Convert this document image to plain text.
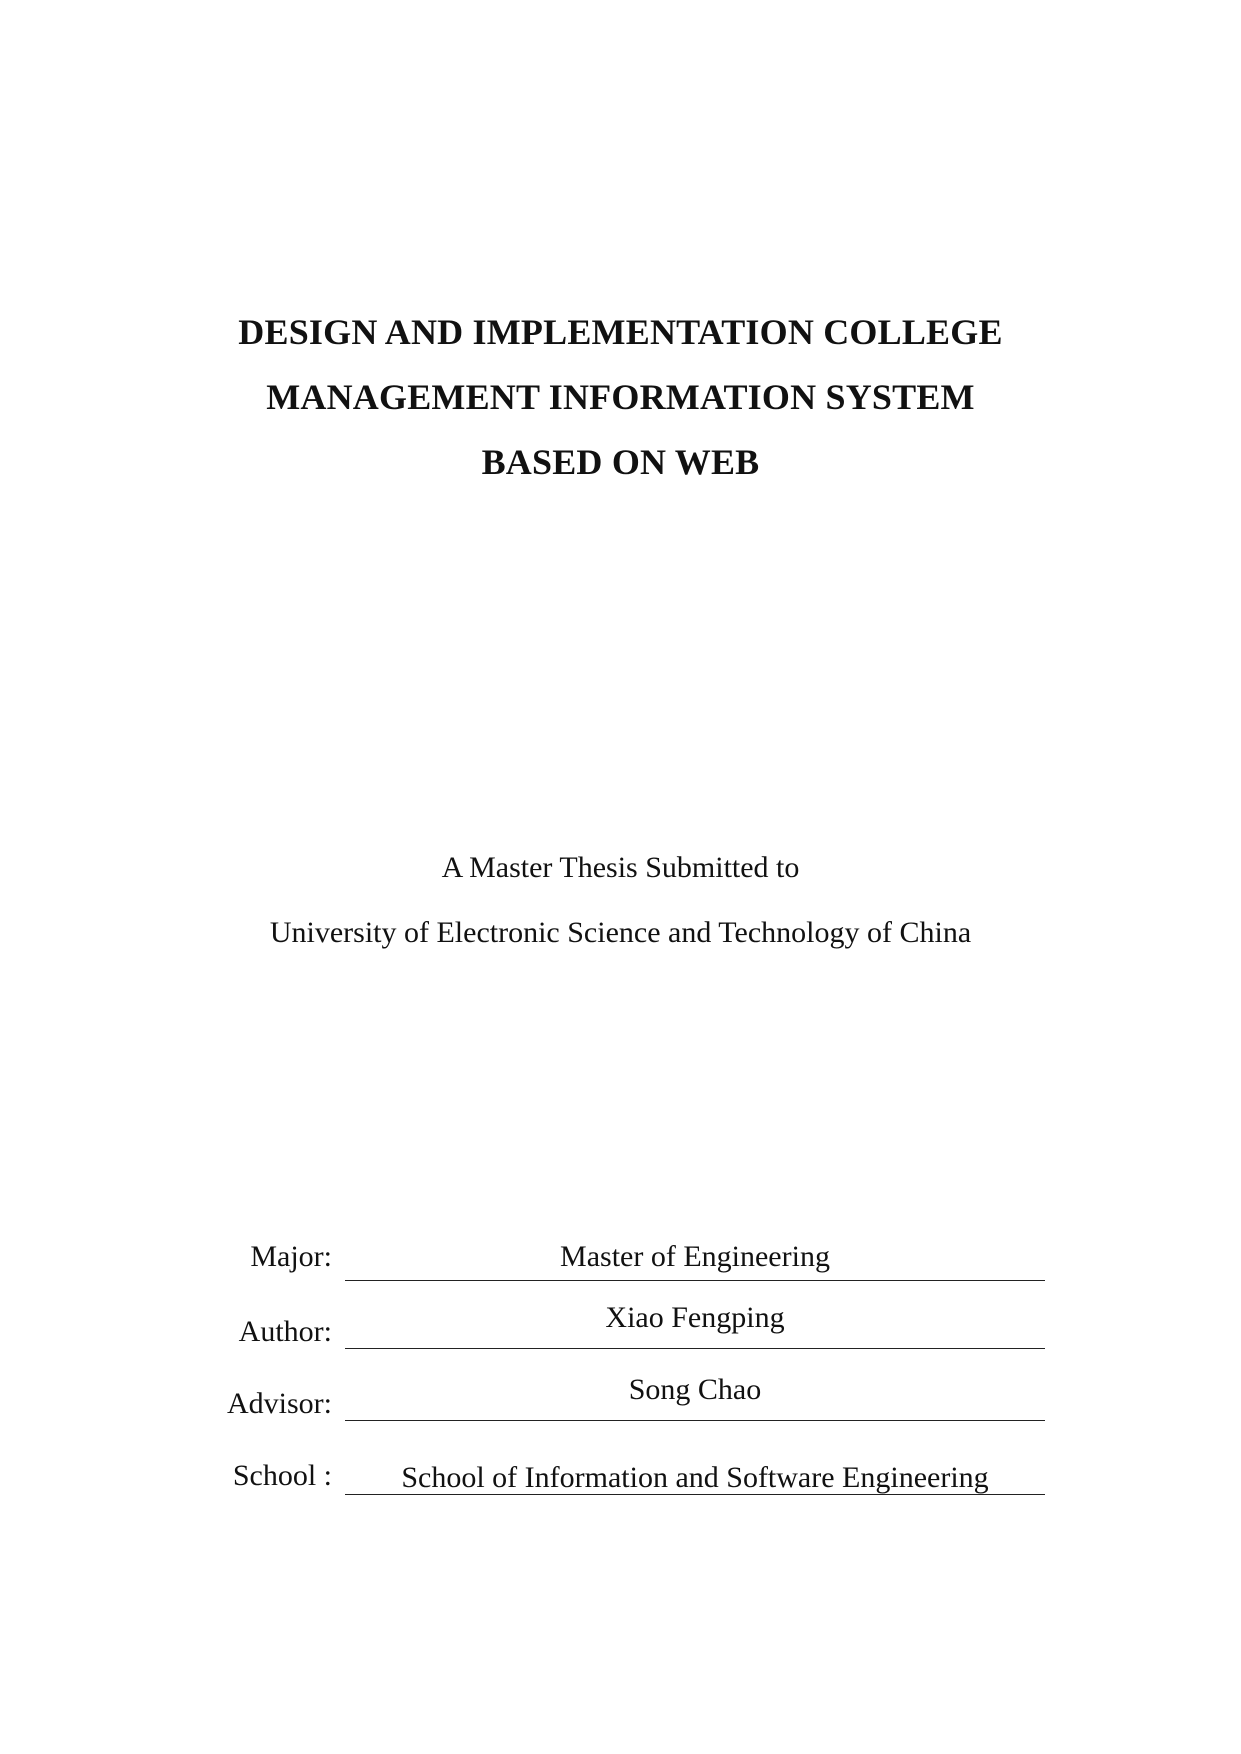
DESIGN AND IMPLEMENTATION COLLEGE
MANAGEMENT INFORMATION SYSTEM
BASED ON WEB
A Master Thesis Submitted to
University of Electronic Science and Technology of China
Major:	Master of Engineering
Author:	Xiao Fengping
Advisor:	Song Chao
School :	School of Information and Software Engineering
